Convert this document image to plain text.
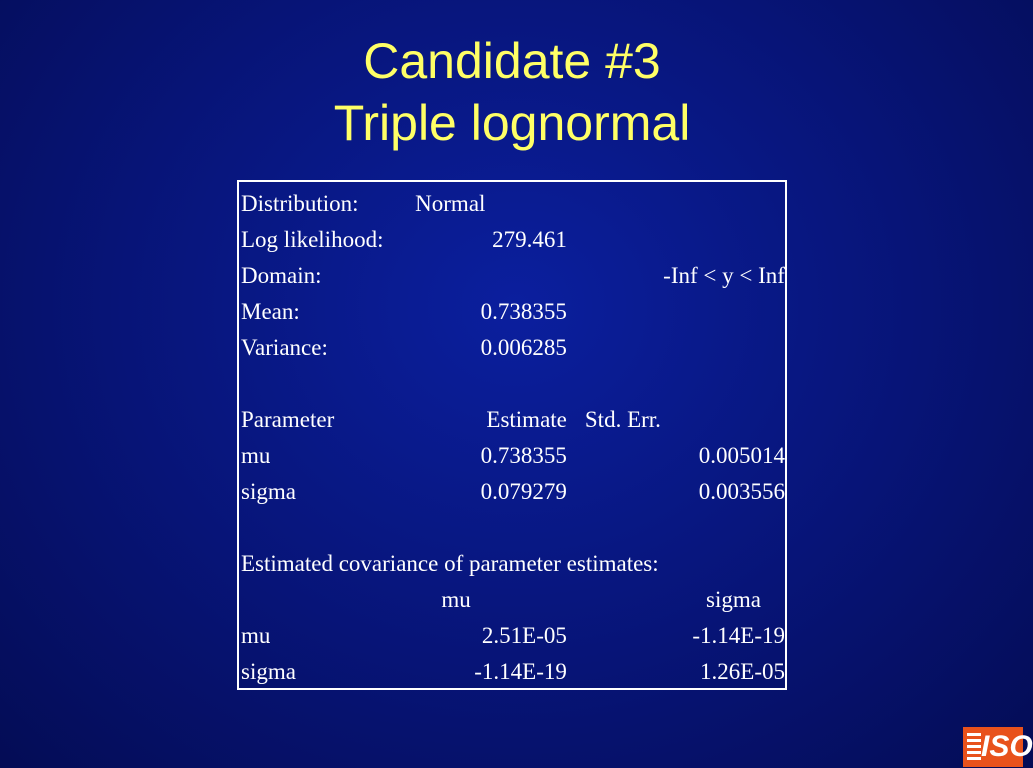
Candidate #3
Triple lognormal
Distribution:	Normal	
Log likelihood:	279.461	
Domain:	-Inf < y < Inf	
Mean:	0.738355	
Variance:	0.006285	

Parameter	Estimate	Std. Err.
mu	0.738355	0.005014
sigma	0.079279	0.003556

Estimated covariance of parameter estimates:		
	mu	sigma
mu	2.51E-05	-1.14E-19
sigma	-1.14E-19	1.26E-05
ISO
